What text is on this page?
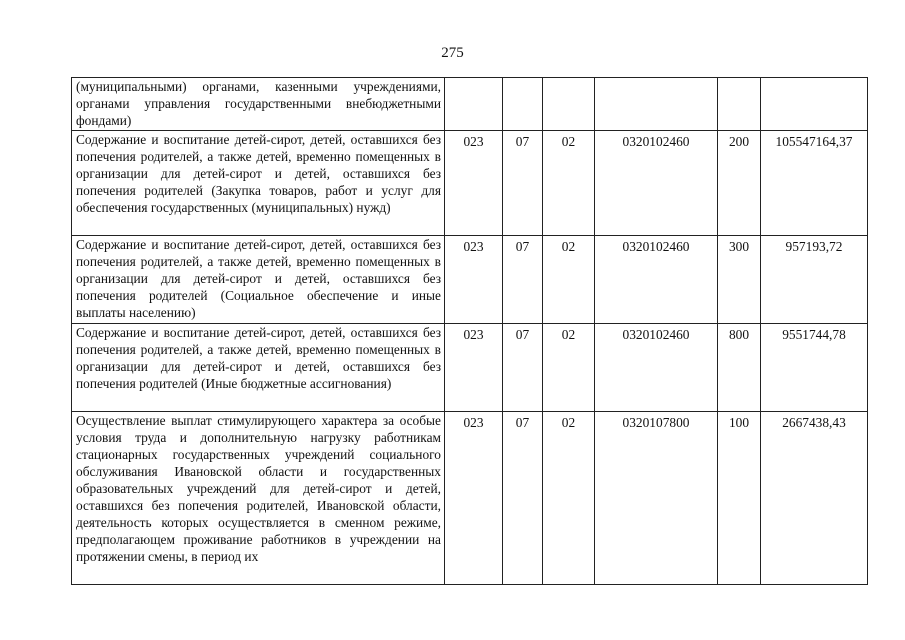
275
(муниципальными) органами, казенными учреждениями, органами управления государственными внебюджетными фондами)						
Содержание и воспитание детей-сирот, детей, оставшихся без попечения родителей, а также детей, временно помещенных в организации для детей-сирот и детей, оставшихся без попечения родителей (Закупка товаров, работ и услуг для обеспечения государственных (муниципальных) нужд)	023	07	02	0320102460	200	105547164,37
Содержание и воспитание детей-сирот, детей, оставшихся без попечения родителей, а также детей, временно помещенных в организации для детей-сирот и детей, оставшихся без попечения родителей (Социальное обеспечение и иные выплаты населению)	023	07	02	0320102460	300	957193,72
Содержание и воспитание детей-сирот, детей, оставшихся без попечения родителей, а также детей, временно помещенных в организации для детей-сирот и детей, оставшихся без попечения родителей (Иные бюджетные ассигнования)	023	07	02	0320102460	800	9551744,78
Осуществление выплат стимулирующего характера за особые условия труда и дополнительную нагрузку работникам стационарных государственных учреждений социального обслуживания Ивановской области и государственных образовательных учреждений для детей-сирот и детей, оставшихся без попечения родителей, Ивановской области, деятельность которых осуществляется в сменном режиме, предполагающем проживание работников в учреждении на протяжении смены, в период их	023	07	02	0320107800	100	2667438,43
